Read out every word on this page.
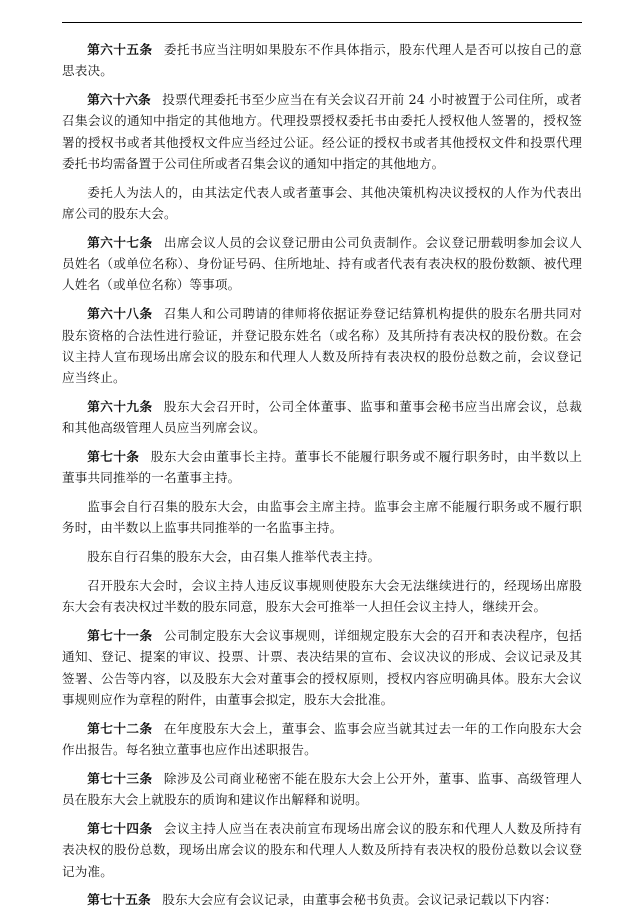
第六十五条 委托书应当注明如果股东不作具体指示，股东代理人是否可以按自己的意思表决。

第六十六条 投票代理委托书至少应当在有关会议召开前 24 小时被置于公司住所，或者召集会议的通知中指定的其他地方。代理投票授权委托书由委托人授权他人签署的，授权签署的授权书或者其他授权文件应当经过公证。经公证的授权书或者其他授权文件和投票代理委托书均需备置于公司住所或者召集会议的通知中指定的其他地方。

委托人为法人的，由其法定代表人或者董事会、其他决策机构决议授权的人作为代表出席公司的股东大会。

第六十七条 出席会议人员的会议登记册由公司负责制作。会议登记册载明参加会议人员姓名（或单位名称）、身份证号码、住所地址、持有或者代表有表决权的股份数额、被代理人姓名（或单位名称）等事项。

第六十八条 召集人和公司聘请的律师将依据证券登记结算机构提供的股东名册共同对股东资格的合法性进行验证，并登记股东姓名（或名称）及其所持有表决权的股份数。在会议主持人宣布现场出席会议的股东和代理人人数及所持有表决权的股份总数之前，会议登记应当终止。

第六十九条 股东大会召开时，公司全体董事、监事和董事会秘书应当出席会议，总裁和其他高级管理人员应当列席会议。

第七十条 股东大会由董事长主持。董事长不能履行职务或不履行职务时，由半数以上董事共同推举的一名董事主持。

监事会自行召集的股东大会，由监事会主席主持。监事会主席不能履行职务或不履行职务时，由半数以上监事共同推举的一名监事主持。

股东自行召集的股东大会，由召集人推举代表主持。

召开股东大会时，会议主持人违反议事规则使股东大会无法继续进行的，经现场出席股东大会有表决权过半数的股东同意，股东大会可推举一人担任会议主持人，继续开会。

第七十一条 公司制定股东大会议事规则，详细规定股东大会的召开和表决程序，包括通知、登记、提案的审议、投票、计票、表决结果的宣布、会议决议的形成、会议记录及其签署、公告等内容，以及股东大会对董事会的授权原则，授权内容应明确具体。股东大会议事规则应作为章程的附件，由董事会拟定，股东大会批准。

第七十二条 在年度股东大会上，董事会、监事会应当就其过去一年的工作向股东大会作出报告。每名独立董事也应作出述职报告。

第七十三条 除涉及公司商业秘密不能在股东大会上公开外，董事、监事、高级管理人员在股东大会上就股东的质询和建议作出解释和说明。

第七十四条 会议主持人应当在表决前宣布现场出席会议的股东和代理人人数及所持有表决权的股份总数，现场出席会议的股东和代理人人数及所持有表决权的股份总数以会议登记为准。

第七十五条 股东大会应有会议记录，由董事会秘书负责。会议记录记载以下内容：
